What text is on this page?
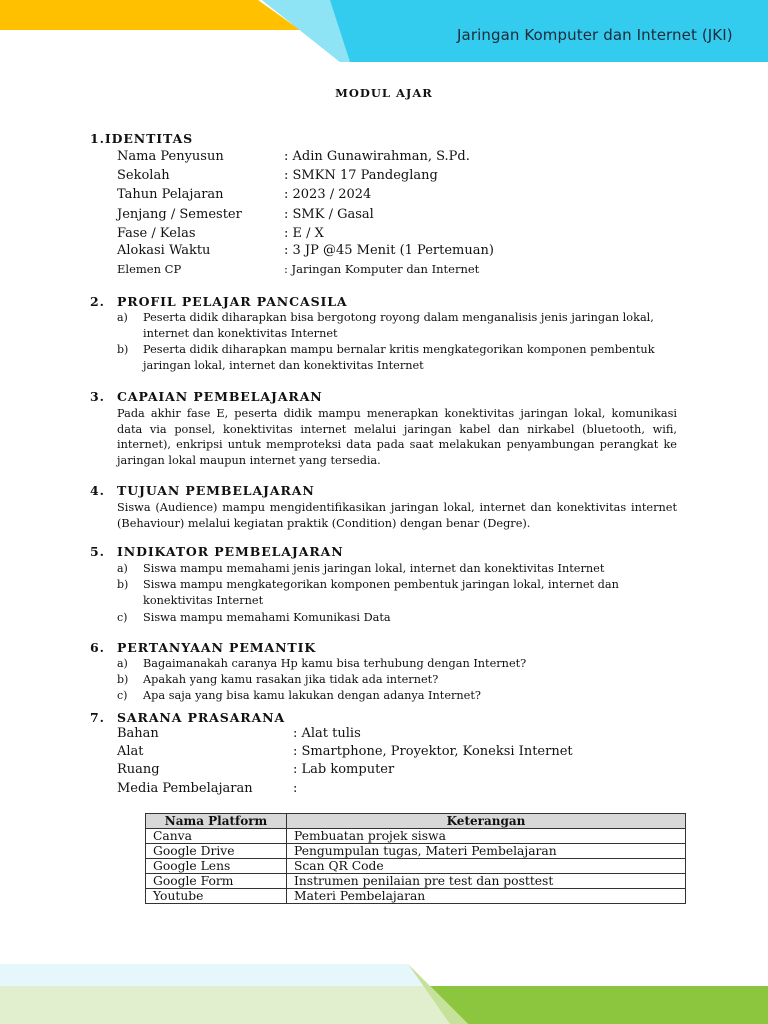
Jaringan Komputer dan Internet (JKI)
MODUL AJAR
1.IDENTITAS
Nama Penyusun	: Adin Gunawirahman, S.Pd.
Sekolah	: SMKN 17 Pandeglang
Tahun Pelajaran	: 2023 / 2024
Jenjang / Semester	: SMK / Gasal
Fase / Kelas	: E / X
Alokasi Waktu	: 3 JP @45 Menit (1 Pertemuan)
Elemen CP	: Jaringan Komputer dan Internet
2. PROFIL PELAJAR PANCASILA
a) Peserta didik diharapkan bisa bergotong royong dalam menganalisis jenis jaringan lokal,
internet dan konektivitas Internet
b) Peserta didik diharapkan mampu bernalar kritis mengkategorikan komponen pembentuk
jaringan lokal, internet dan konektivitas Internet
3. CAPAIAN PEMBELAJARAN
Pada akhir fase E, peserta didik mampu menerapkan konektivitas jaringan lokal, komunikasi data via ponsel, konektivitas internet melalui jaringan kabel dan nirkabel (bluetooth, wifi, internet), enkripsi untuk memproteksi data pada saat melakukan penyambungan perangkat ke jaringan lokal maupun internet yang tersedia.
4. TUJUAN PEMBELAJARAN
Siswa (Audience) mampu mengidentifikasikan jaringan lokal, internet dan konektivitas internet (Behaviour) melalui kegiatan praktik (Condition) dengan benar (Degre).
5. INDIKATOR PEMBELAJARAN
a) Siswa mampu memahami jenis jaringan lokal, internet dan konektivitas Internet
b) Siswa mampu mengkategorikan komponen pembentuk jaringan lokal, internet dan
konektivitas Internet
c) Siswa mampu memahami Komunikasi Data
6. PERTANYAAN PEMANTIK
a) Bagaimanakah caranya Hp kamu bisa terhubung dengan Internet?
b) Apakah yang kamu rasakan jika tidak ada internet?
c) Apa saja yang bisa kamu lakukan dengan adanya Internet?
7. SARANA PRASARANA
Bahan	: Alat tulis
Alat	: Smartphone, Proyektor, Koneksi Internet
Ruang	: Lab komputer
Media Pembelajaran	:
Nama Platform	Keterangan
Canva	Pembuatan projek siswa
Google Drive	Pengumpulan tugas, Materi Pembelajaran
Google Lens	Scan QR Code
Google Form	Instrumen penilaian pre test dan posttest
Youtube	Materi Pembelajaran
